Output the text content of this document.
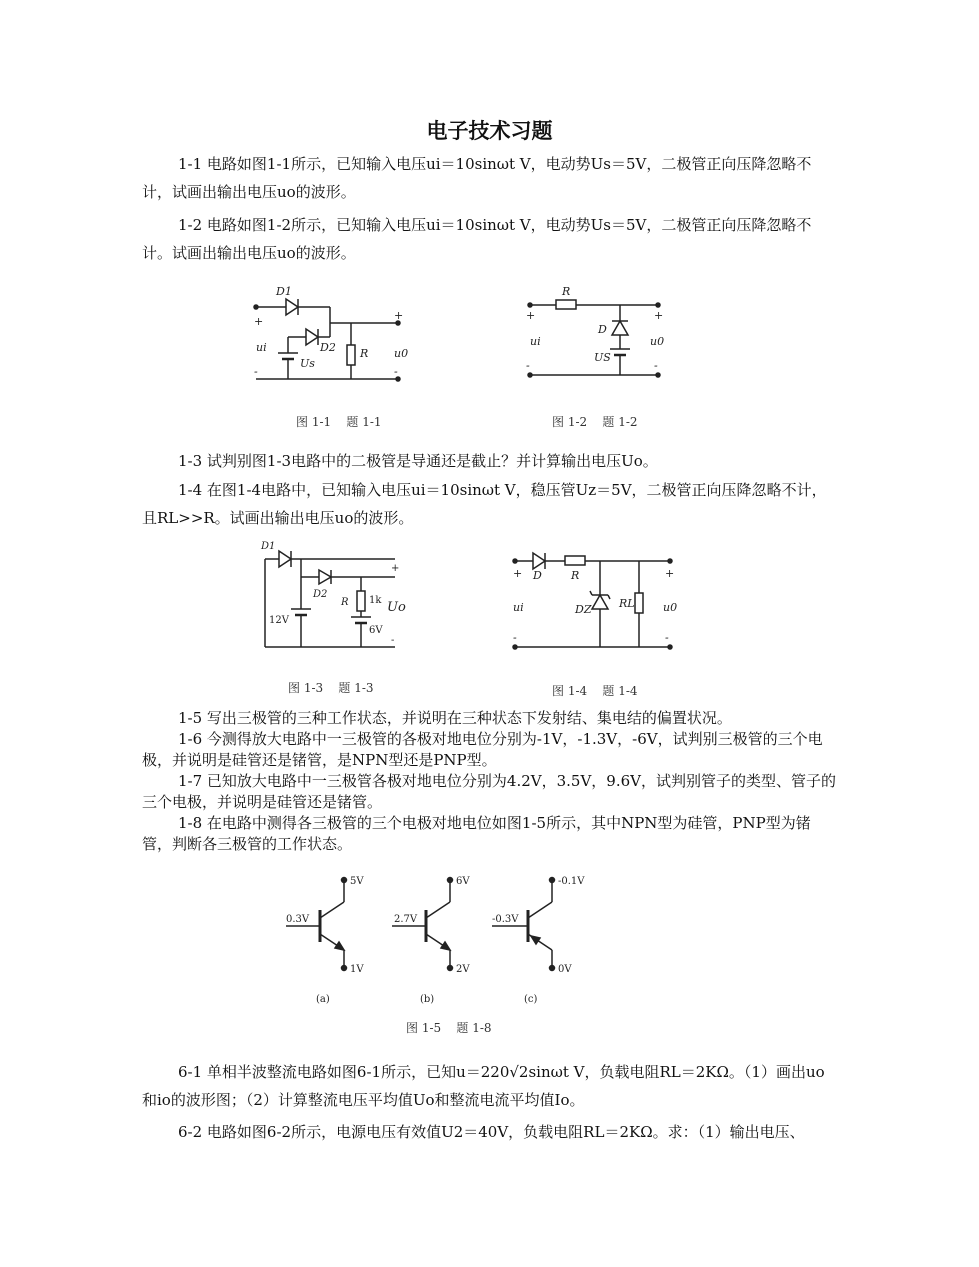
电子技术习题

1-1 电路如图1-1所示，已知输入电压ui＝10sinωt V，电动势Us＝5V，二极管正向压降忽略不计，试画出输出电压uo的波形。

1-2 电路如图1-2所示，已知输入电压ui＝10sinωt V，电动势Us＝5V，二极管正向压降忽略不计。试画出输出电压uo的波形。

D1
D2 R
ui
Us
u0
+	+
-	-
图 1-1    题 1-1
R
D
US
ui	u0
+	+
-	-
图 1-2    题 1-2

1-3 试判别图1-3电路中的二极管是导通还是截止？并计算输出电压Uo。

1-4 在图1-4电路中，已知输入电压ui＝10sinωt V，稳压管Uz＝5V，二极管正向压降忽略不计，且RL>>R。试画出输出电压uo的波形。

D1
D2
R 1k
12V
6V
Uo
+
-
图 1-3    题 1-3
D	R
DZ	RL
ui	u0
+	+
-	-
图 1-4    题 1-4

1-5 写出三极管的三种工作状态，并说明在三种状态下发射结、集电结的偏置状况。

1-6 今测得放大电路中一三极管的各极对地电位分别为-1V，-1.3V，-6V，试判别三极管的三个电极，并说明是硅管还是锗管，是NPN型还是PNP型。

1-7 已知放大电路中一三极管各极对地电位分别为4.2V，3.5V，9.6V，试判别管子的类型、管子的三个电极，并说明是硅管还是锗管。

1-8 在电路中测得各三极管的三个电极对地电位如图1-5所示，其中NPN型为硅管，PNP型为锗管，判断各三极管的工作状态。

5V
0.3V
1V
(a)
6V
2.7V
2V
(b)
-0.1V
-0.3V
0V
(c)
图 1-5    题 1-8

6-1 单相半波整流电路如图6-1所示，已知u＝220√2sinωt V，负载电阻RL＝2KΩ。（1）画出uo和io的波形图；（2）计算整流电压平均值Uo和整流电流平均值Io。

6-2 电路如图6-2所示，电源电压有效值U2＝40V，负载电阻RL＝2KΩ。求：（1）输出电压、
